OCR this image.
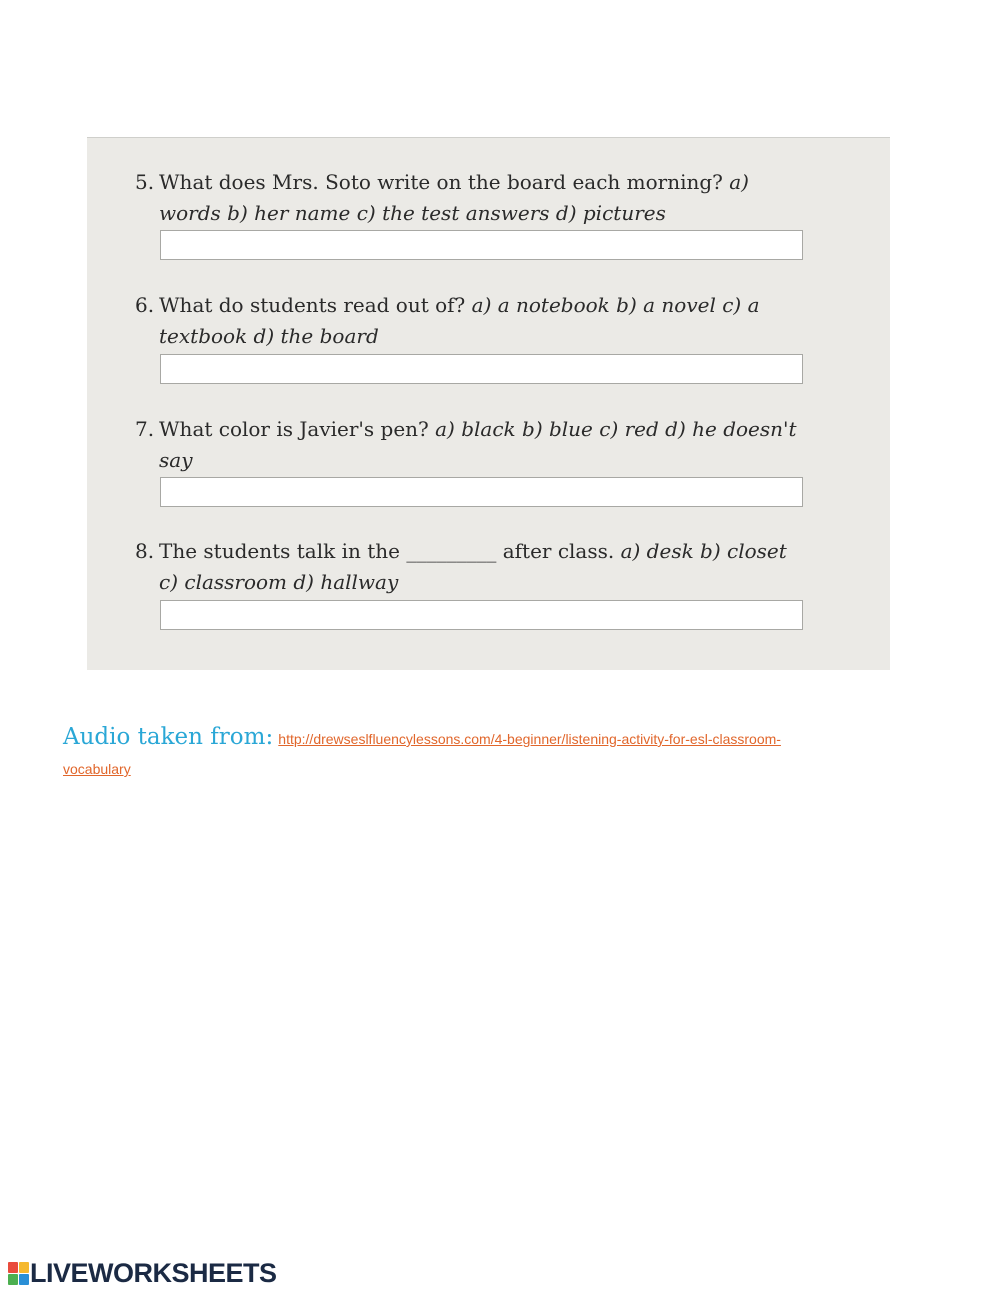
5. What does Mrs. Soto write on the board each morning? a)
words b) her name c) the test answers d) pictures
6. What do students read out of? a) a notebook b) a novel c) a
textbook d) the board
7. What color is Javier's pen? a) black b) blue c) red d) he doesn't
say
8. The students talk in the _________ after class. a) desk b) closet
c) classroom d) hallway
Audio taken from: http://drewseslfluencylessons.com/4-beginner/listening-activity-for-esl-classroom-vocabulary
LIVEWORKSHEETS
